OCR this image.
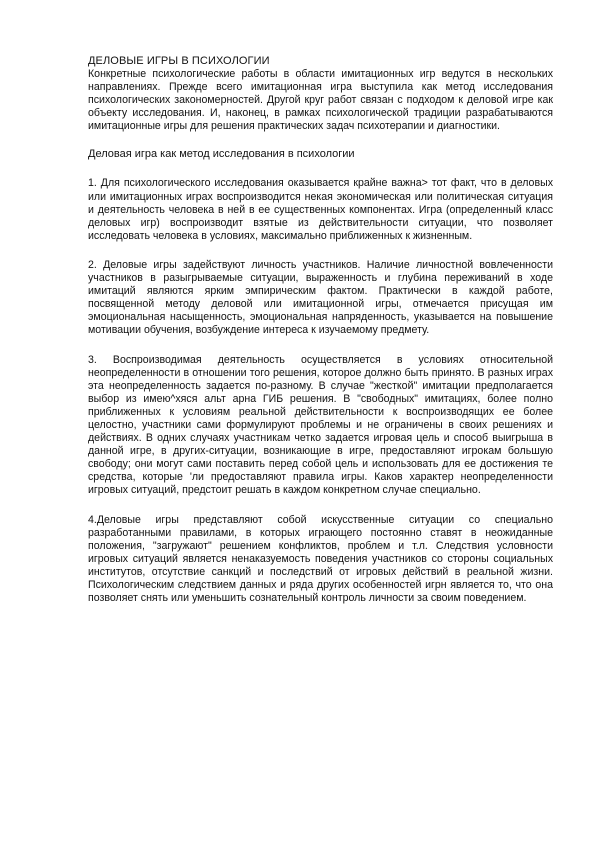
ДЕЛОВЫЕ ИГРЫ В ПСИХОЛОГИИ

Конкретные психологические работы в области имитационных игр ведутся в нескольких направлениях. Прежде всего имитационная игра выступила как метод исследования психологических закономерностей. Другой круг работ связан с подходом к деловой игре как объекту исследования. И, наконец, в рамках психологической традиции разрабатываются имитационные игры для решения практических задач психотерапии и диагностики.

Деловая игра как метод исследования в психологии

1. Для психологического исследования оказывается крайне важна> тот факт, что в деловых или имитационных играх воспроизводится некая экономическая или политическая ситуация и деятельность человека в ней в ее существенных компонентах. Игра (определенный класс деловых игр) воспроизводит взятые из действительности ситуации, что позволяет исследовать человека в условиях, максимально приближенных к жизненным.

2. Деловые игры задействуют личность участников. Наличие личностной вовлеченности участников в разыгрываемые ситуации, выраженность и глубина переживаний в ходе имитаций являются ярким эмпирическим фактом. Практически в каждой работе, посвященной методу деловой или имитационной игры, отмечается присущая им эмоциональная насыщенность, эмоциональная напряденность, указывается на повышение мотивации обучения, возбуждение интереса к изучаемому предмету.

3. Воспроизводимая деятельность осуществляется в условиях относительной неопределенности в отношении того решения, которое должно быть принято. В разных играх эта неопределенность задается по-разному. В случае "жесткой" имитации предполагается выбор из имею^хяся альт арна ГИБ решения. В "свободных" имитациях, более полно приближенных к условиям реальной действительности к воспроизводящих ее более целостно, участники сами формулируют проблемы и не ограничены в своих решениях и действиях. В одних случаях участникам четко задается игровая цель и способ выигрыша в данной игре, в других-ситуации, возникающие в игре, предоставляют игрокам большую свободу; они могут сами поставить перед собой цель и использовать для ее достижения те средства, которые 'ли предоставляют правила игры. Каков характер неопределенности игровых ситуаций, предстоит решать в каждом конкретном случае специально.

4.Деловые игры представляют собой искусственные ситуации со специально разработанными правилами, в которых играющего постоянно ставят в неожиданные положения, "загружают" решением конфликтов, проблем и т.л. Следствия условности игровых ситуаций является ненаказуемость поведения участников со стороны социальных институтов, отсутствие санкций и последствий от игровых действий в реальной жизни. Психологическим следствием данных и ряда других особенностей игрн является то, что она позволяет снять или уменьшить сознательный контроль личности за своим поведением.
